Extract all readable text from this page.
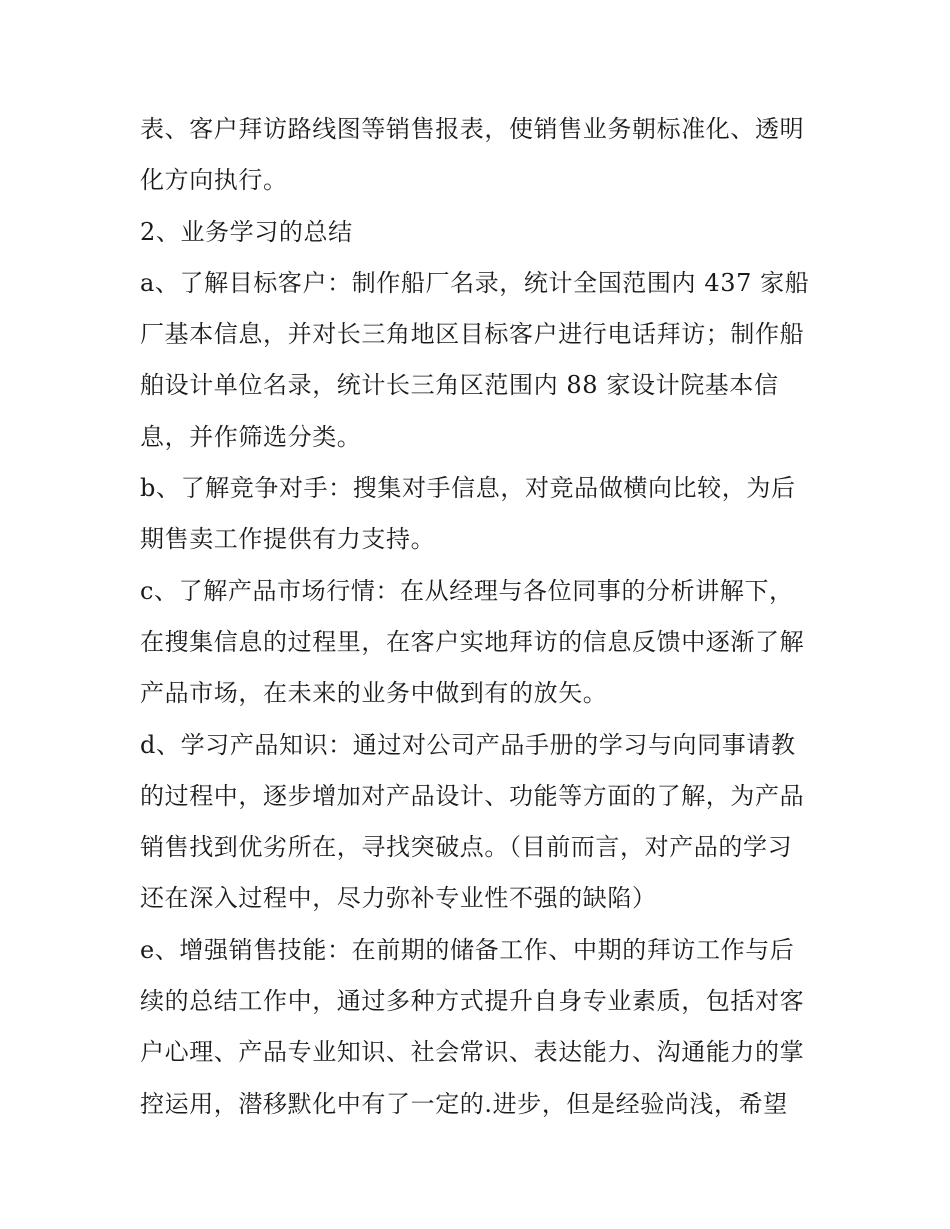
表、客户拜访路线图等销售报表，使销售业务朝标准化、透明
化方向执行。
2、业务学习的总结
a、了解目标客户：制作船厂名录，统计全国范围内 437 家船
厂基本信息，并对长三角地区目标客户进行电话拜访；制作船
舶设计单位名录，统计长三角区范围内 88 家设计院基本信
息，并作筛选分类。
b、了解竞争对手：搜集对手信息，对竞品做横向比较，为后
期售卖工作提供有力支持。
c、了解产品市场行情：在从经理与各位同事的分析讲解下，
在搜集信息的过程里，在客户实地拜访的信息反馈中逐渐了解
产品市场，在未来的业务中做到有的放矢。
d、学习产品知识：通过对公司产品手册的学习与向同事请教
的过程中，逐步增加对产品设计、功能等方面的了解，为产品
销售找到优劣所在，寻找突破点。（目前而言，对产品的学习
还在深入过程中，尽力弥补专业性不强的缺陷）
e、增强销售技能：在前期的储备工作、中期的拜访工作与后
续的总结工作中，通过多种方式提升自身专业素质，包括对客
户心理、产品专业知识、社会常识、表达能力、沟通能力的掌
控运用，潜移默化中有了一定的.进步，但是经验尚浅，希望
